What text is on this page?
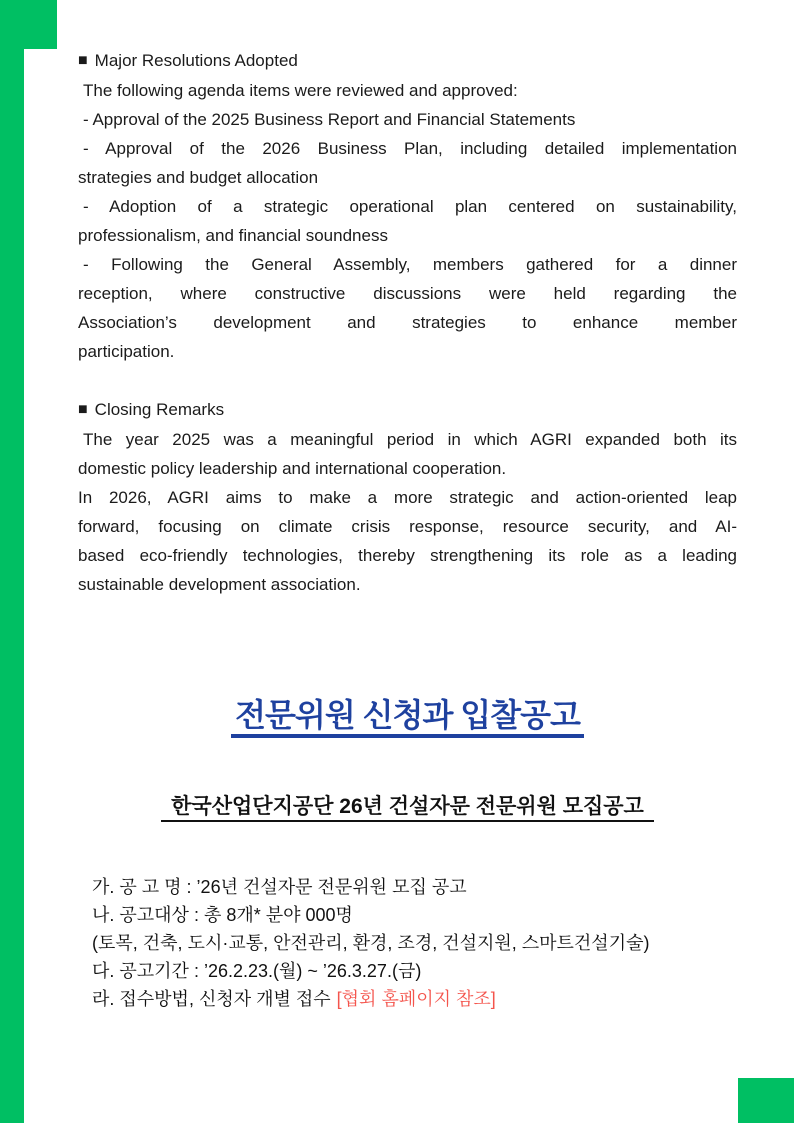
■ Major Resolutions Adopted
The following agenda items were reviewed and approved:
- Approval of the 2025 Business Report and Financial Statements
- Approval of the 2026 Business Plan, including detailed implementation
strategies and budget allocation
- Adoption of a strategic operational plan centered on sustainability,
professionalism, and financial soundness
- Following the General Assembly, members gathered for a dinner
reception, where constructive discussions were held regarding the
Association’s development and strategies to enhance member
participation.
■ Closing Remarks
The year 2025 was a meaningful period in which AGRI expanded both its
domestic policy leadership and international cooperation.
In 2026, AGRI aims to make a more strategic and action-oriented leap
forward, focusing on climate crisis response, resource security, and AI-
based eco-friendly technologies, thereby strengthening its role as a leading
sustainable development association.
전문위원 신청과 입찰공고
한국산업단지공단 26년 건설자문 전문위원 모집공고
가. 공 고 명 : ’26년 건설자문 전문위원 모집 공고
나. 공고대상 : 총 8개* 분야 000명
(토목, 건축, 도시·교통, 안전관리, 환경, 조경, 건설지원, 스마트건설기술)
다. 공고기간 : ’26.2.23.(월) ~ ’26.3.27.(금)
라. 접수방법, 신청자 개별 접수 [협회 홈페이지 참조]
